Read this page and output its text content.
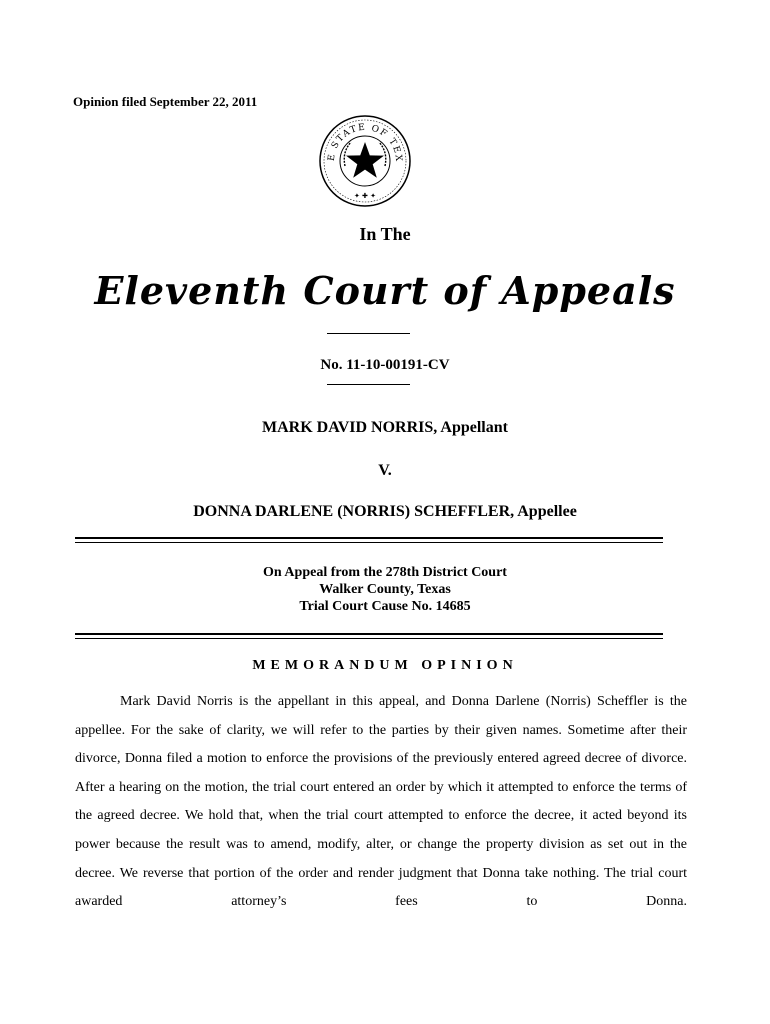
Opinion filed September 22, 2011
E STATE OF TEX
✦ ✚ ✦
In The
Eleventh Court of Appeals
No. 11-10-00191-CV
MARK DAVID NORRIS, Appellant
V.
DONNA DARLENE (NORRIS) SCHEFFLER, Appellee
On Appeal from the 278th District Court
Walker County, Texas
Trial Court Cause No. 14685
MEMORANDUM OPINION

Mark David Norris is the appellant in this appeal, and Donna Darlene (Norris) Scheffler is the appellee. For the sake of clarity, we will refer to the parties by their given names. Sometime after their divorce, Donna filed a motion to enforce the provisions of the previously entered agreed decree of divorce. After a hearing on the motion, the trial court entered an order by which it attempted to enforce the terms of the agreed decree. We hold that, when the trial court attempted to enforce the decree, it acted beyond its power because the result was to amend, modify, alter, or change the property division as set out in the decree. We reverse that portion of the order and render judgment that Donna take nothing. The trial court awarded attorney’s fees to Donna.
